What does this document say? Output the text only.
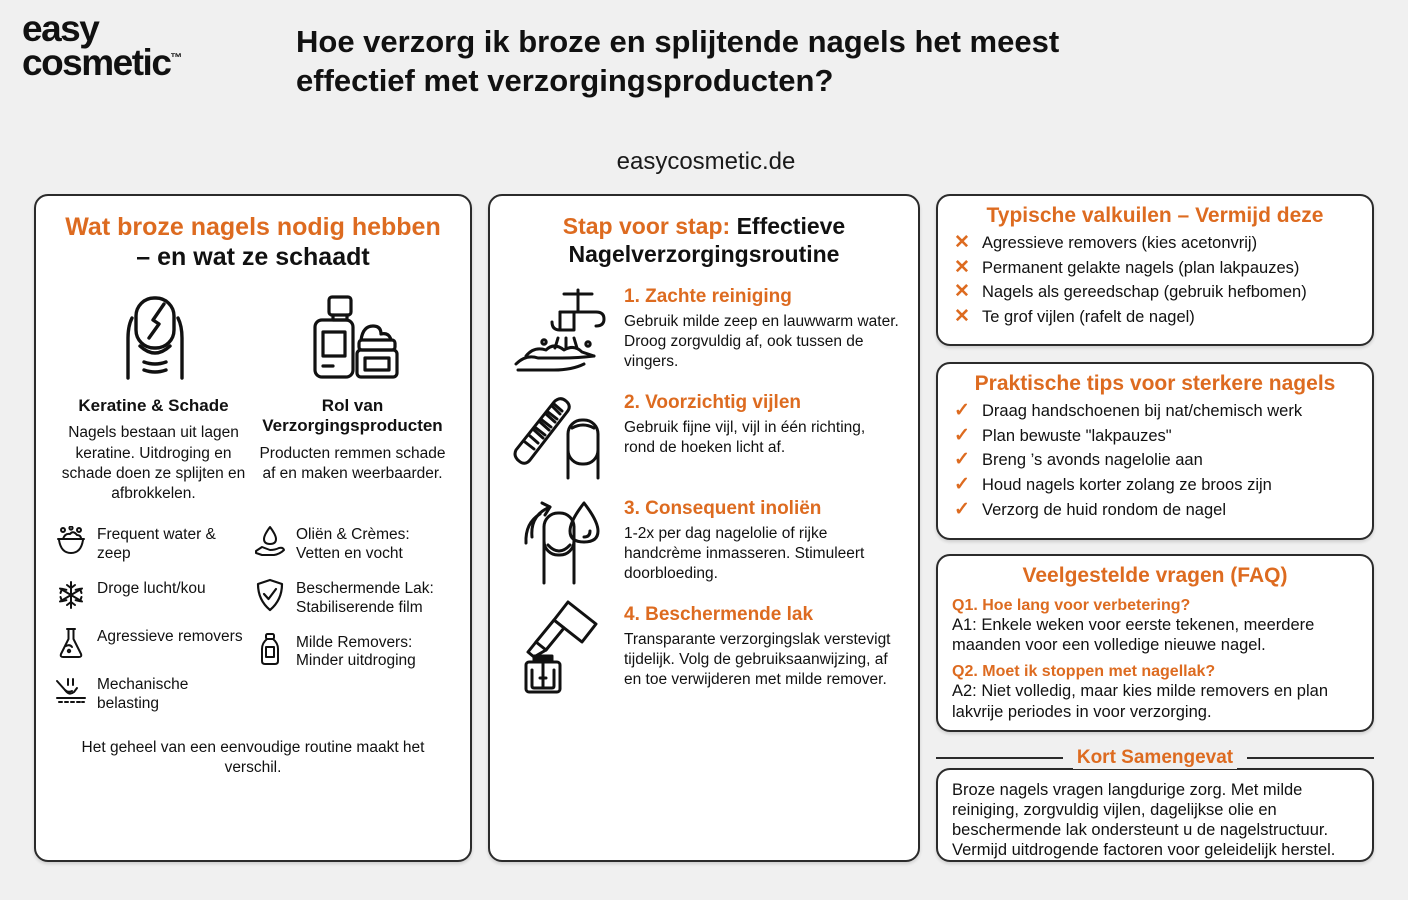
easy
cosmetic™	Hoe verzorg ik broze en splijtende nagels het meest effectief met verzorgingsproducten?
easycosmetic.de
Wat broze nagels nodig hebben
– en wat ze schaadt
Keratine & Schade
Nagels bestaan uit lagen keratine. Uitdroging en schade doen ze splijten en afbrokkelen.
Rol van Verzorgingsproducten
Producten remmen schade af en maken weerbaarder.
Frequent water & zeep
Droge lucht/kou
Agressieve removers
Mechanische belasting
Oliën & Crèmes: Vetten en vocht
Beschermende Lak: Stabiliserende film
Milde Removers: Minder uitdroging
Het geheel van een eenvoudige routine maakt het verschil.
Stap voor stap: Effectieve Nagelverzorgingsroutine
1. Zachte reiniging
Gebruik milde zeep en lauwwarm water. Droog zorgvuldig af, ook tussen de vingers.
2. Voorzichtig vijlen
Gebruik fijne vijl, vijl in één richting, rond de hoeken licht af.
3. Consequent inoliën
1-2x per dag nagelolie of rijke handcrème inmasseren. Stimuleert doorbloeding.
4. Beschermende lak
Transparante verzorgingslak verstevigt tijdelijk. Volg de gebruiksaanwijzing, af en toe verwijderen met milde remover.
Typische valkuilen – Vermijd deze
✕ Agressieve removers (kies acetonvrij)
✕ Permanent gelakte nagels (plan lakpauzes)
✕ Nagels als gereedschap (gebruik hefbomen)
✕ Te grof vijlen (rafelt de nagel)
Praktische tips voor sterkere nagels
✓ Draag handschoenen bij nat/chemisch werk
✓ Plan bewuste "lakpauzes"
✓ Breng ’s avonds nagelolie aan
✓ Houd nagels korter zolang ze broos zijn
✓ Verzorg de huid rondom de nagel
Veelgestelde vragen (FAQ)
Q1. Hoe lang voor verbetering?
A1: Enkele weken voor eerste tekenen, meerdere maanden voor een volledige nieuwe nagel.
Q2. Moet ik stoppen met nagellak?
A2: Niet volledig, maar kies milde removers en plan lakvrije periodes in voor verzorging.
Kort Samengevat
Broze nagels vragen langdurige zorg. Met milde reiniging, zorgvuldig vijlen, dagelijkse olie en beschermende lak ondersteunt u de nagelstructuur. Vermijd uitdrogende factoren voor geleidelijk herstel.
